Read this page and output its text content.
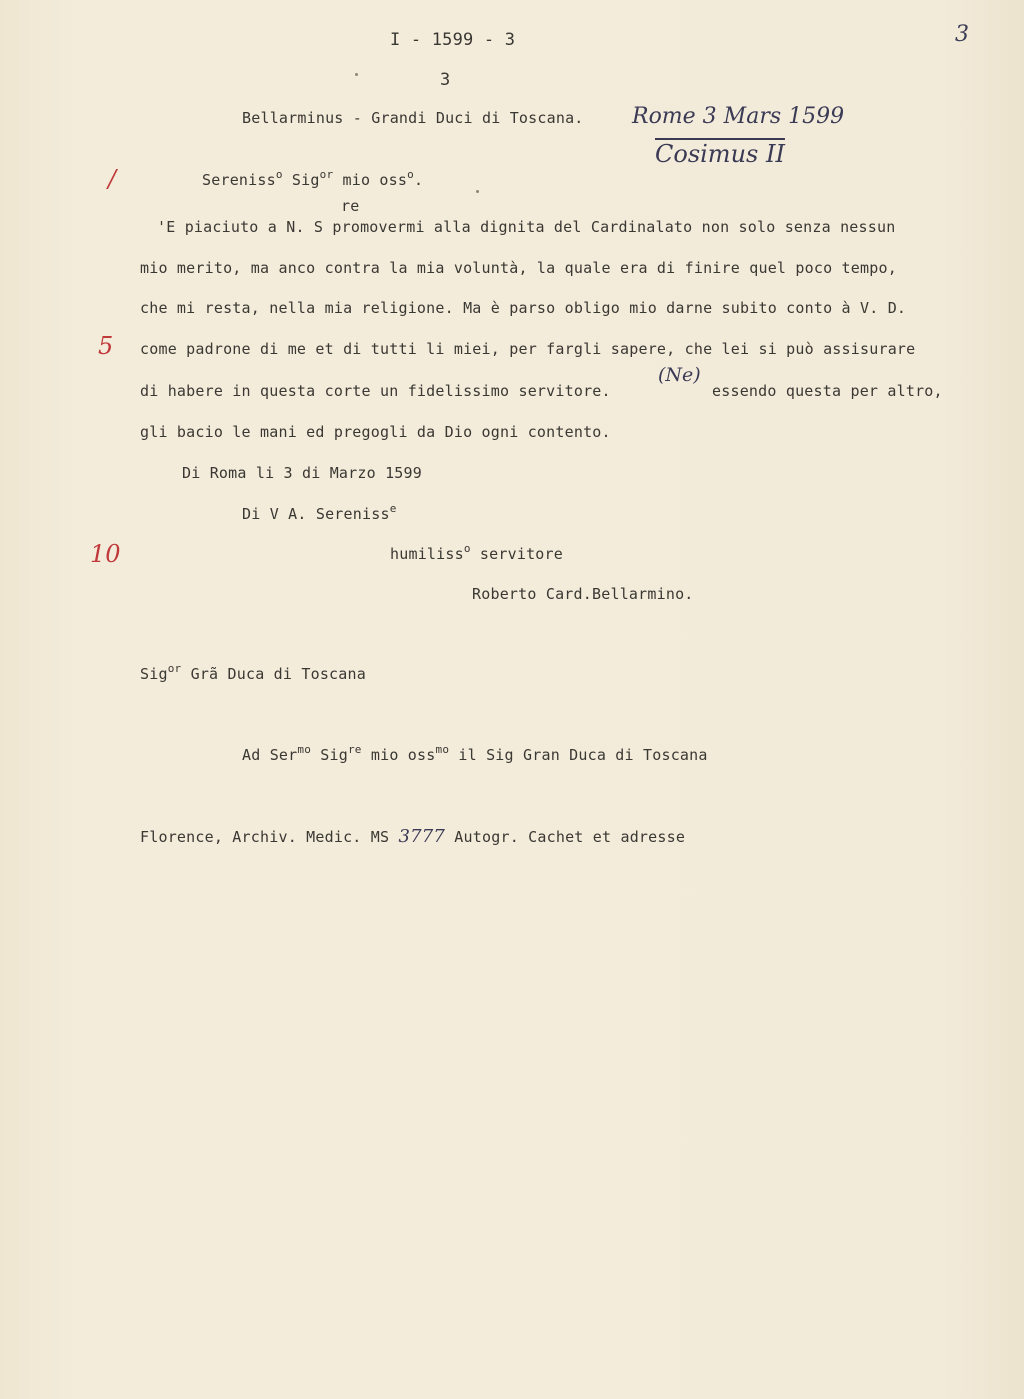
I - 1599 - 3	3
3
Bellarminus - Grandi Duci di Toscana. Rome 3 Mars 1599
Cosimus II
/
5
10
Sereniss$^o$ Sig$^{or}$ mio oss$^o$.
re
'E piaciuto a N. S promovermi alla dignita del Cardinalato non solo senza nessun
mio merito, ma anco contra la mia voluntà, la quale era di finire quel poco tempo,
che mi resta, nella mia religione. Ma è parso obligo mio darne subito conto à V. D.
come padrone di me et di tutti li miei, per fargli sapere, che lei si può assisurare
di habere in questa corte un fidelissimo servitore.
(Ne)
essendo questa per altro,
gli bacio le mani ed pregogli da Dio ogni contento.
Di Roma li 3 di Marzo 1599
Di V A. Sereniss$^e$
humiliss$^o$ servitore
Roberto Card.Bellarmino.
Sig$^{or}$ Grã Duca di Toscana
Ad Ser$^{mo}$ Sig$^{re}$ mio oss$^{mo}$ il Sig Gran Duca di Toscana
Florence, Archiv. Medic. MS 3777 Autogr. Cachet et adresse
